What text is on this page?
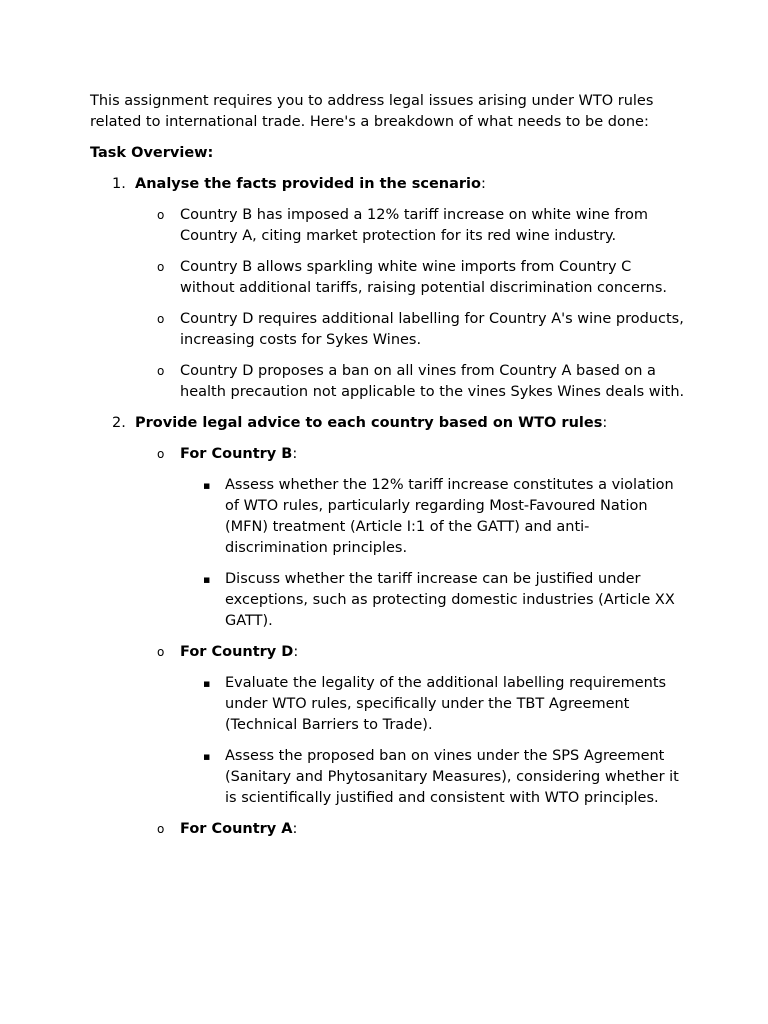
This assignment requires you to address legal issues arising under WTO rules related to international trade. Here's a breakdown of what needs to be done:

Task Overview:

1. Analyse the facts provided in the scenario:

o Country B has imposed a 12% tariff increase on white wine from Country A, citing market protection for its red wine industry.
o Country B allows sparkling white wine imports from Country C without additional tariffs, raising potential discrimination concerns.
o Country D requires additional labelling for Country A's wine products, increasing costs for Sykes Wines.
o Country D proposes a ban on all vines from Country A based on a health precaution not applicable to the vines Sykes Wines deals with.
2. Provide legal advice to each country based on WTO rules:

o For Country B:

▪ Assess whether the 12% tariff increase constitutes a violation of WTO rules, particularly regarding Most-Favoured Nation (MFN) treatment (Article I:1 of the GATT) and anti-discrimination principles.
▪ Discuss whether the tariff increase can be justified under exceptions, such as protecting domestic industries (Article XX GATT).
o For Country D:

▪ Evaluate the legality of the additional labelling requirements under WTO rules, specifically under the TBT Agreement (Technical Barriers to Trade).
▪ Assess the proposed ban on vines under the SPS Agreement (Sanitary and Phytosanitary Measures), considering whether it is scientifically justified and consistent with WTO principles.
o For Country A:
